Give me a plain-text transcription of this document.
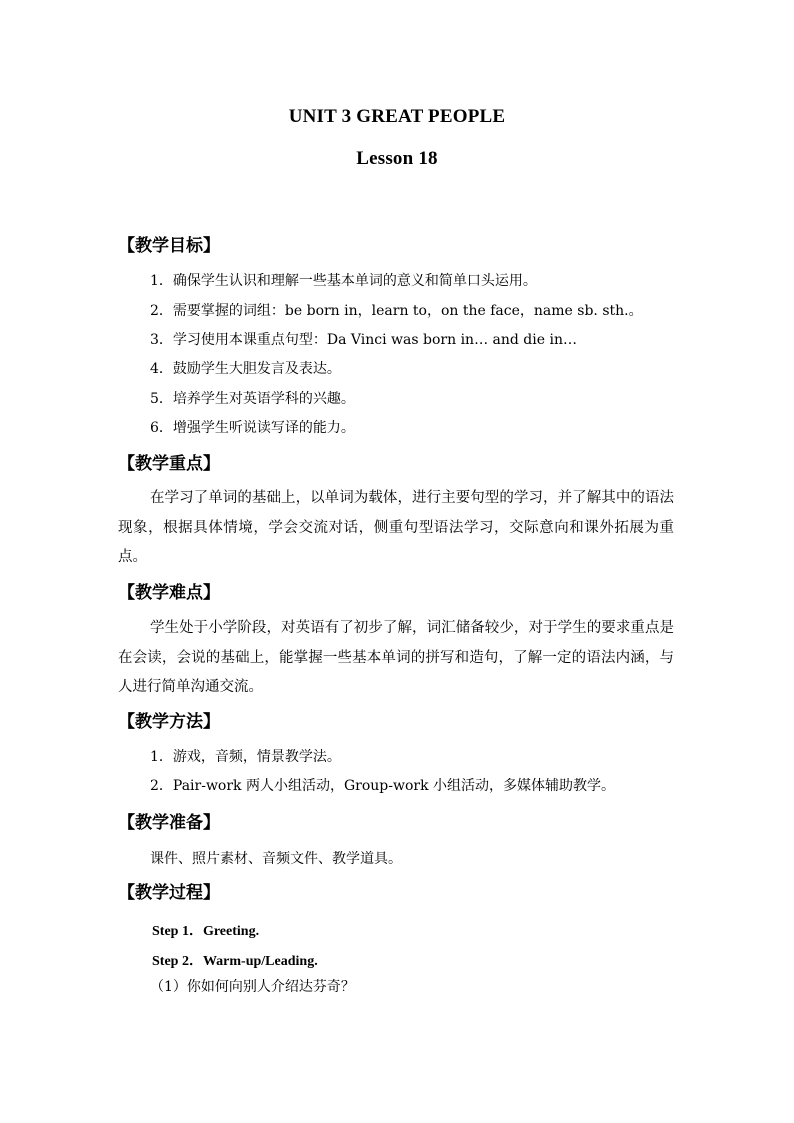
UNIT 3 GREAT PEOPLE
Lesson 18
【教学目标】
1．确保学生认识和理解一些基本单词的意义和简单口头运用。
2．需要掌握的词组：be born in，learn to，on the face，name sb. sth.。
3．学习使用本课重点句型：Da Vinci was born in… and die in…
4．鼓励学生大胆发言及表达。
5．培养学生对英语学科的兴趣。
6．增强学生听说读写译的能力。
【教学重点】
在学习了单词的基础上，以单词为载体，进行主要句型的学习，并了解其中的语法现象，根据具体情境，学会交流对话，侧重句型语法学习，交际意向和课外拓展为重点。
【教学难点】
学生处于小学阶段，对英语有了初步了解，词汇储备较少，对于学生的要求重点是在会读，会说的基础上，能掌握一些基本单词的拼写和造句，了解一定的语法内涵，与人进行简单沟通交流。
【教学方法】
1．游戏，音频，情景教学法。
2．Pair-work 两人小组活动，Group-work 小组活动，多媒体辅助教学。
【教学准备】
课件、照片素材、音频文件、教学道具。
【教学过程】
Step 1．Greeting.
Step 2．Warm-up/Leading.
（1）你如何向别人介绍达芬奇？
